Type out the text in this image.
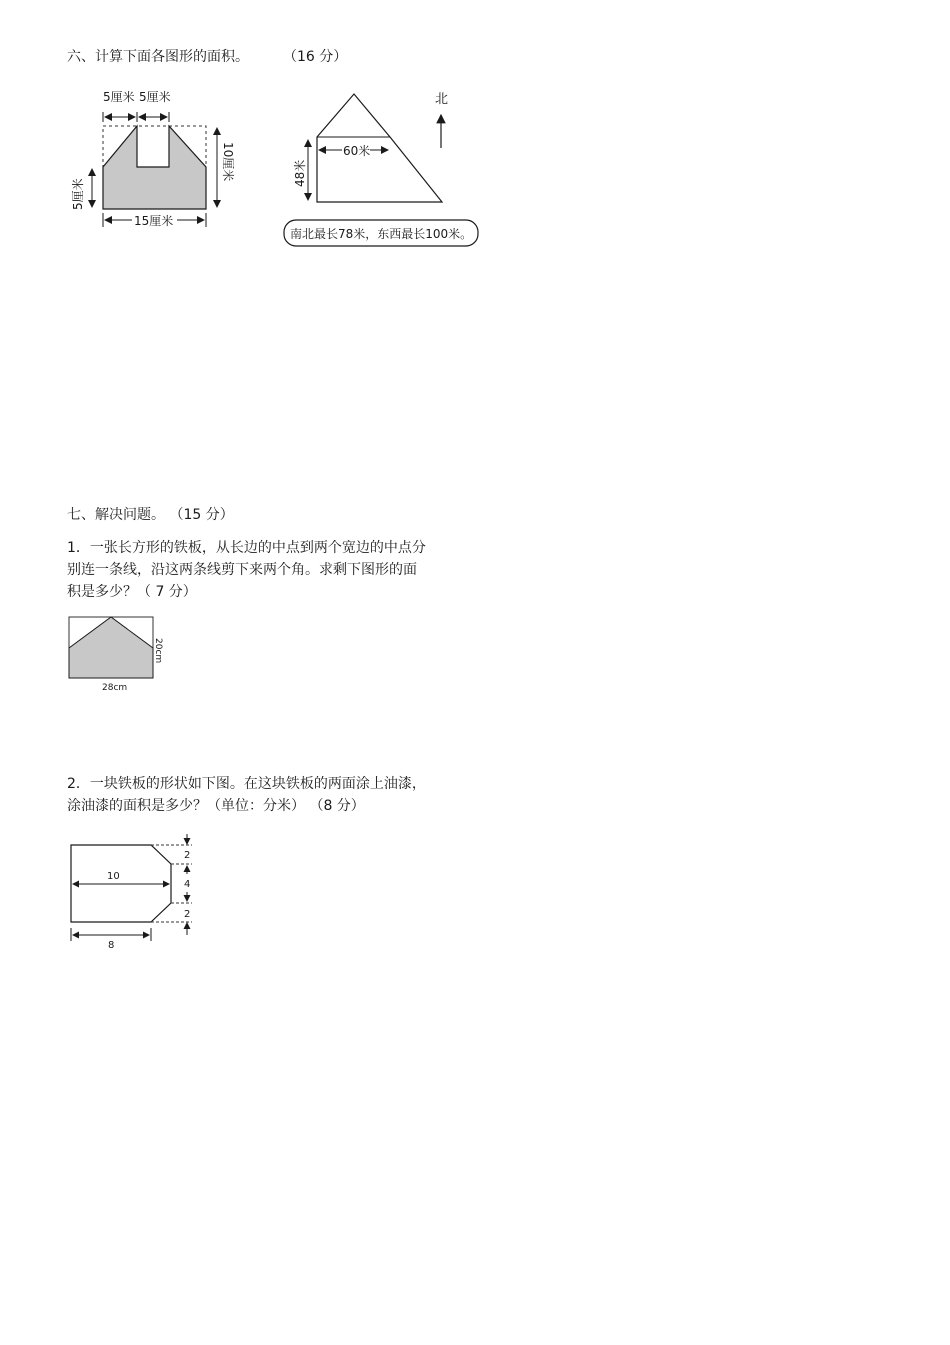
六、计算下面各图形的面积。 （16 分）
5厘米 5厘米
5厘米
10厘米
15厘米
60米
48米
北
南北最长78米，东西最长100米。
七、解决问题。 （15 分）
1．一张长方形的铁板，从长边的中点到两个宽边的中点分别连一条线，沿这两条线剪下来两个角。求剩下图形的面积是多少？（ 7 分）
20cm
28cm
2．一块铁板的形状如下图。在这块铁板的两面涂上油漆，涂油漆的面积是多少？（单位：分米） （8 分）
10
8
2
4
2
